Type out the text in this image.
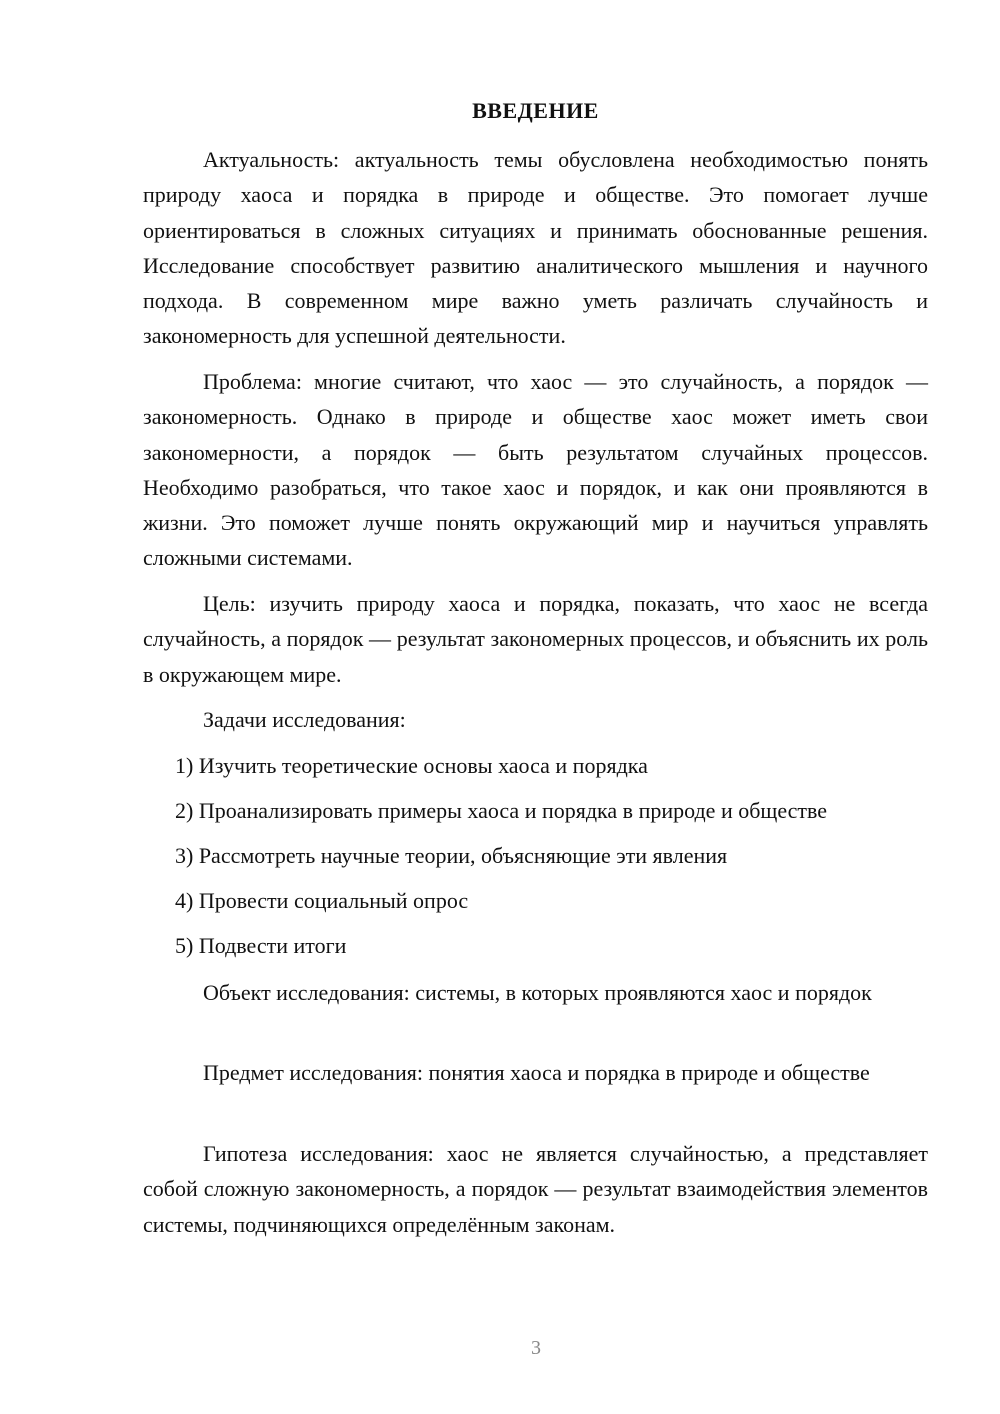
ВВЕДЕНИЕ

Актуальность: актуальность темы обусловлена необходимостью понять природу хаоса и порядка в природе и обществе. Это помогает лучше ориентироваться в сложных ситуациях и принимать обоснованные решения. Исследование способствует развитию аналитического мышления и научного подхода. В современном мире важно уметь различать случайность и закономерность для успешной деятельности.

Проблема: многие считают, что хаос — это случайность, а порядок — закономерность. Однако в природе и обществе хаос может иметь свои закономерности, а порядок — быть результатом случайных процессов. Необходимо разобраться, что такое хаос и порядок, и как они проявляются в жизни. Это поможет лучше понять окружающий мир и научиться управлять сложными системами.

Цель: изучить природу хаоса и порядка, показать, что хаос не всегда случайность, а порядок — результат закономерных процессов, и объяснить их роль в окружающем мире.

Задачи исследования:

1) Изучить теоретические основы хаоса и порядка

2) Проанализировать примеры хаоса и порядка в природе и обществе

3) Рассмотреть научные теории, объясняющие эти явления

4) Провести социальный опрос

5) Подвести итоги

Объект исследования: системы, в которых проявляются хаос и порядок

Предмет исследования: понятия хаоса и порядка в природе и обществе

Гипотеза исследования: хаос не является случайностью, а представляет собой сложную закономерность, а порядок — результат взаимодействия элементов системы, подчиняющихся определённым законам.

3
